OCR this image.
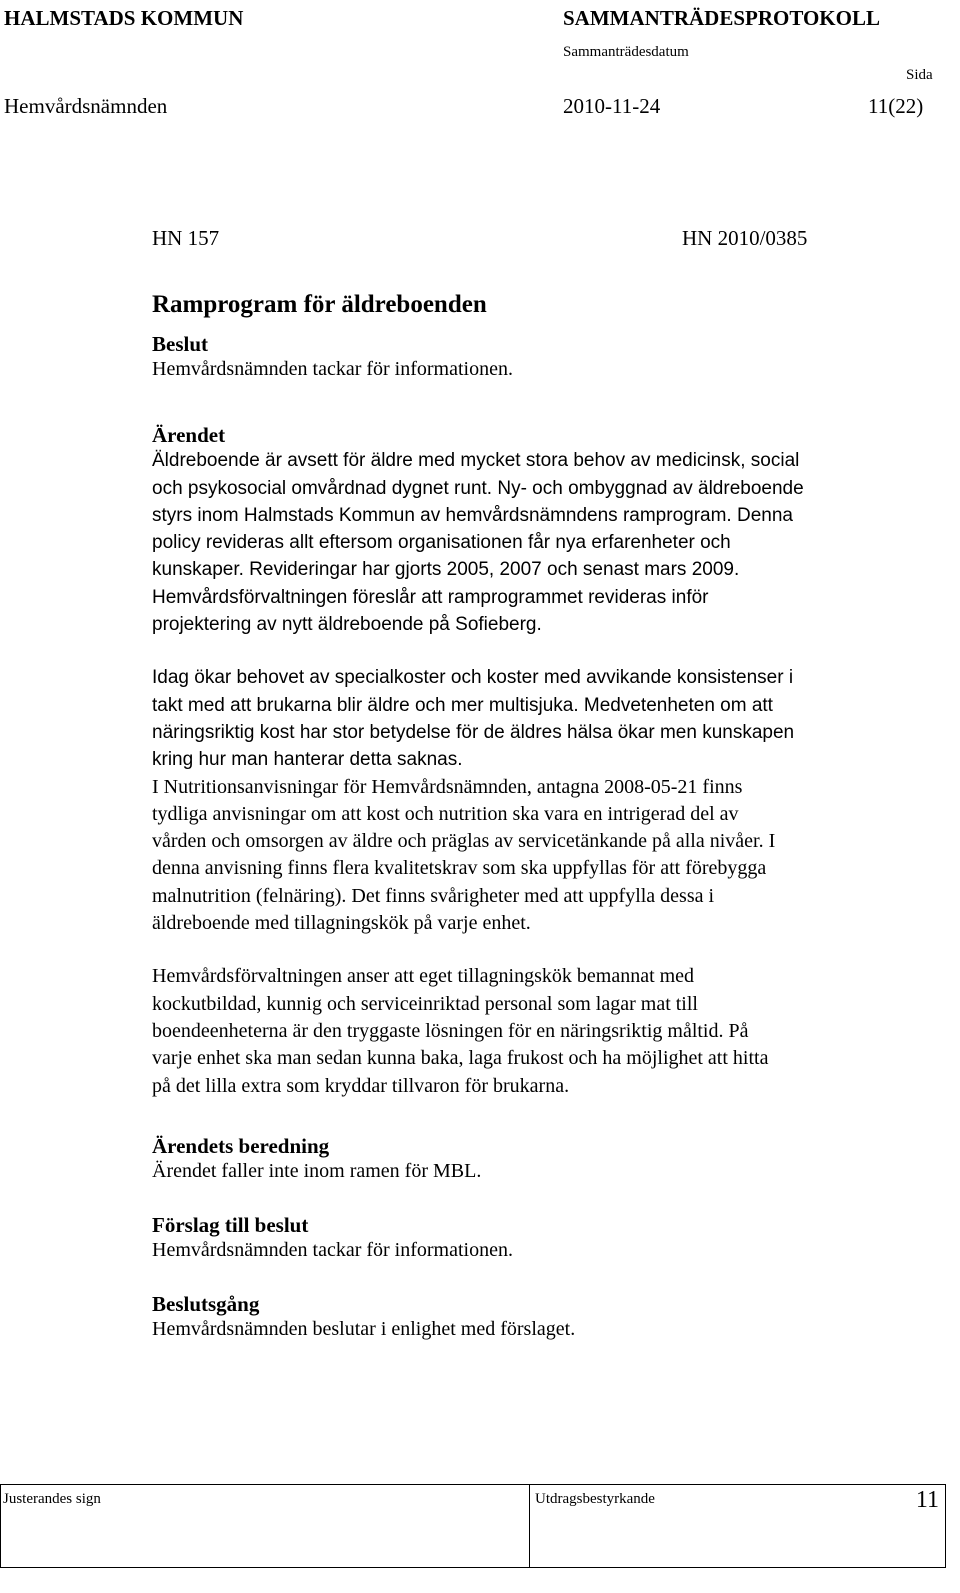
HALMSTADS KOMMUN	SAMMANTRÄDESPROTOKOLL
Sammanträdesdatum
Sida
Hemvårdsnämnden	2010-11-24	11(22)
HN 157	HN 2010/0385
Ramprogram för äldreboenden
Beslut
Hemvårdsnämnden tackar för informationen.
Ärendet
Äldreboende är avsett för äldre med mycket stora behov av medicinsk, social
och psykosocial omvårdnad dygnet runt. Ny- och ombyggnad av äldreboende
styrs inom Halmstads Kommun av hemvårdsnämndens ramprogram. Denna
policy revideras allt eftersom organisationen får nya erfarenheter och
kunskaper. Revideringar har gjorts 2005, 2007 och senast mars 2009.
Hemvårdsförvaltningen föreslår att ramprogrammet revideras inför
projektering av nytt äldreboende på Sofieberg.
Idag ökar behovet av specialkoster och koster med avvikande konsistenser i
takt med att brukarna blir äldre och mer multisjuka. Medvetenheten om att
näringsriktig kost har stor betydelse för de äldres hälsa ökar men kunskapen
kring hur man hanterar detta saknas.
I Nutritionsanvisningar för Hemvårdsnämnden, antagna 2008-05-21 finns
tydliga anvisningar om att kost och nutrition ska vara en intrigerad del av
vården och omsorgen av äldre och präglas av servicetänkande på alla nivåer. I
denna anvisning finns flera kvalitetskrav som ska uppfyllas för att förebygga
malnutrition (felnäring). Det finns svårigheter med att uppfylla dessa i
äldreboende med tillagningskök på varje enhet.
Hemvårdsförvaltningen anser att eget tillagningskök bemannat med
kockutbildad, kunnig och serviceinriktad personal som lagar mat till
boendeenheterna är den tryggaste lösningen för en näringsriktig måltid. På
varje enhet ska man sedan kunna baka, laga frukost och ha möjlighet att hitta
på det lilla extra som kryddar tillvaron för brukarna.
Ärendets beredning
Ärendet faller inte inom ramen för MBL.
Förslag till beslut
Hemvårdsnämnden tackar för informationen.
Beslutsgång
Hemvårdsnämnden beslutar i enlighet med förslaget.
Justerandes sign	Utdragsbestyrkande	11
